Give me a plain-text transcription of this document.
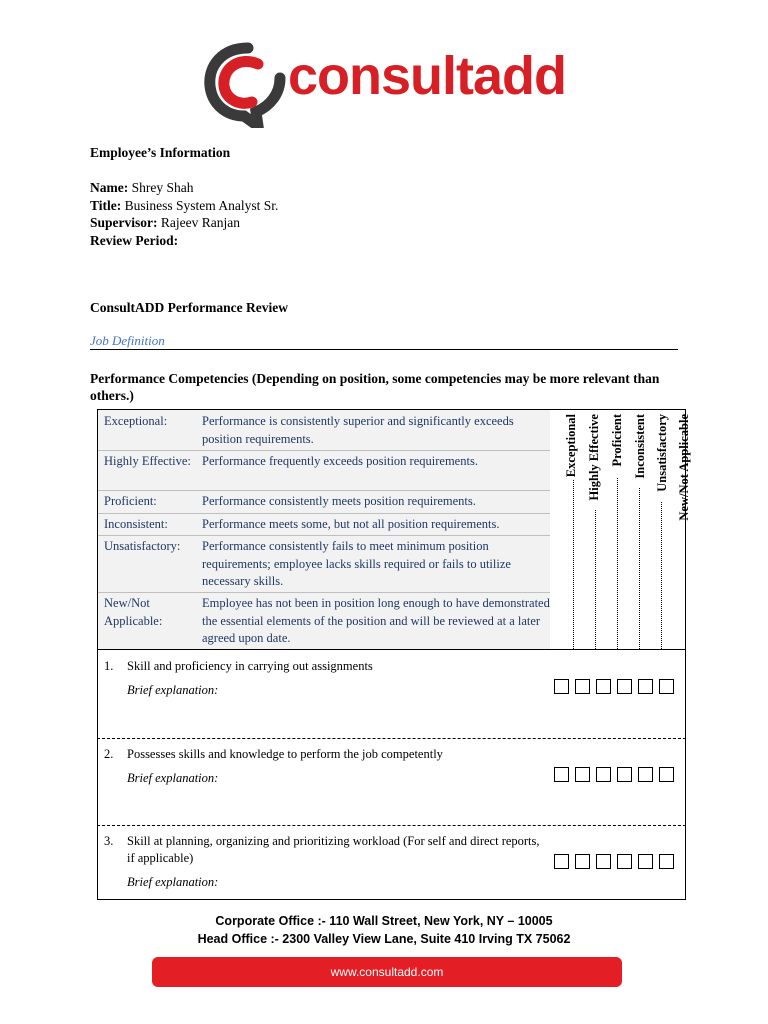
consultadd
Employee’s Information
Name: Shrey Shah
Title: Business System Analyst Sr.
Supervisor: Rajeev Ranjan
Review Period:
ConsultADD Performance Review
Job Definition
Performance Competencies (Depending on position, some competencies may be more relevant than others.)
Exceptional:	Performance is consistently superior and significantly exceeds position requirements.
Highly Effective: Performance frequently exceeds position requirements.
Proficient:	Performance consistently meets position requirements.
Inconsistent:	Performance meets some, but not all position requirements.
Unsatisfactory:	Performance consistently fails to meet minimum position requirements; employee lacks skills required or fails to utilize necessary skills.
New/Not Applicable:
Employee has not been in position long enough to have demonstrated the essential elements of the position and will be reviewed at a later agreed upon date.
Exceptional Highly Effective Proficient Inconsistent Unsatisfactory New/Not Applicable
1. Skill and proficiency in carrying out assignments
Brief explanation:
2. Possesses skills and knowledge to perform the job competently
Brief explanation:
3. Skill at planning, organizing and prioritizing workload (For self and direct reports, if applicable)
Brief explanation:
Corporate Office :- 110 Wall Street, New York, NY – 10005
Head Office :- 2300 Valley View Lane, Suite 410 Irving TX 75062
www.consultadd.com
